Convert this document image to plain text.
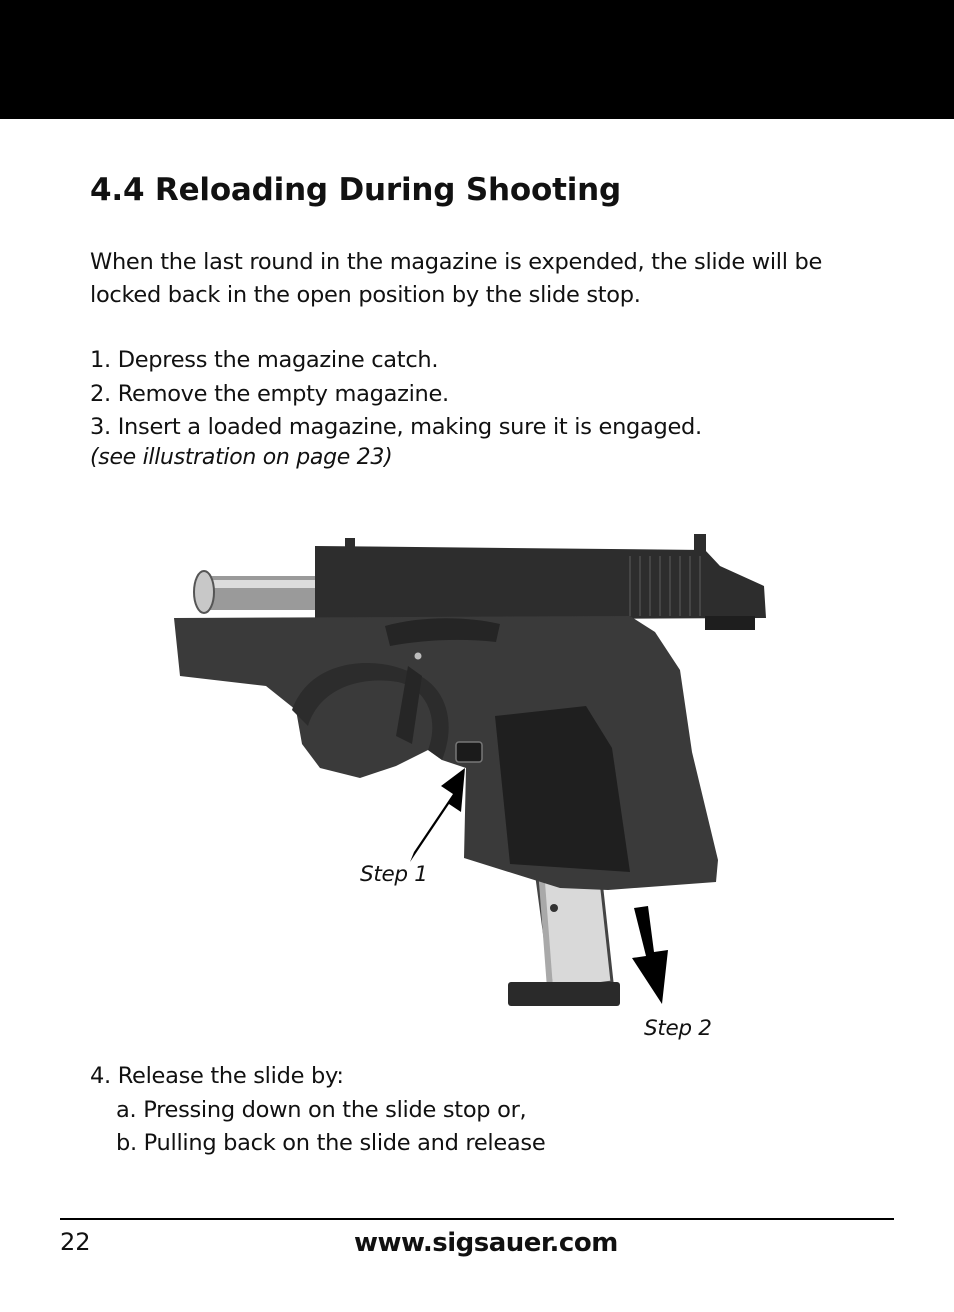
4.4 Reloading During Shooting

When the last round in the magazine is expended, the slide will be locked back in the open position by the slide stop.

1. Depress the magazine catch.
2. Remove the empty magazine.
3. Insert a loaded magazine, making sure it is engaged.

(see illustration on page 23)

Step 1
Step 2
4. Release the slide by:
a. Pressing down on the slide stop or,
b. Pulling back on the slide and release
22	www.sigsauer.com
